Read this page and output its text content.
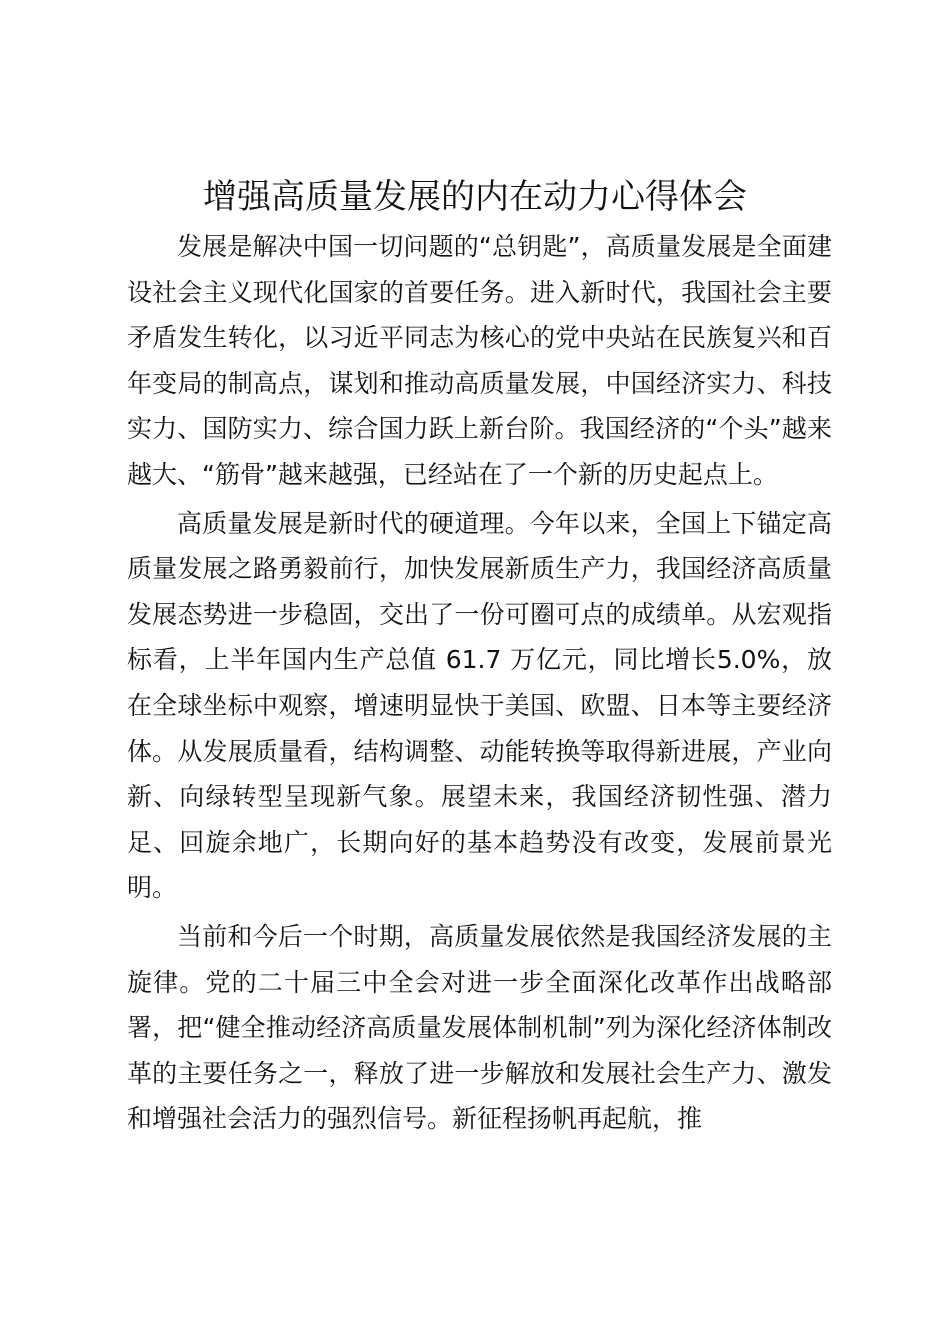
增强高质量发展的内在动力心得体会

发展是解决中国一切问题的“总钥匙”，高质量发展是全面建设社会主义现代化国家的首要任务。进入新时代，我国社会主要矛盾发生转化，以习近平同志为核心的党中央站在民族复兴和百年变局的制高点，谋划和推动高质量发展，中国经济实力、科技实力、国防实力、综合国力跃上新台阶。我国经济的“个头”越来越大、“筋骨”越来越强，已经站在了一个新的历史起点上。

高质量发展是新时代的硬道理。今年以来，全国上下锚定高质量发展之路勇毅前行，加快发展新质生产力，我国经济高质量发展态势进一步稳固，交出了一份可圈可点的成绩单。从宏观指标看，上半年国内生产总值 61.7 万亿元，同比增长5.0%，放在全球坐标中观察，增速明显快于美国、欧盟、日本等主要经济体。从发展质量看，结构调整、动能转换等取得新进展，产业向新、向绿转型呈现新气象。展望未来，我国经济韧性强、潜力足、回旋余地广，长期向好的基本趋势没有改变，发展前景光明。

当前和今后一个时期，高质量发展依然是我国经济发展的主旋律。党的二十届三中全会对进一步全面深化改革作出战略部署，把“健全推动经济高质量发展体制机制”列为深化经济体制改革的主要任务之一，释放了进一步解放和发展社会生产力、激发和增强社会活力的强烈信号。新征程扬帆再起航，推
